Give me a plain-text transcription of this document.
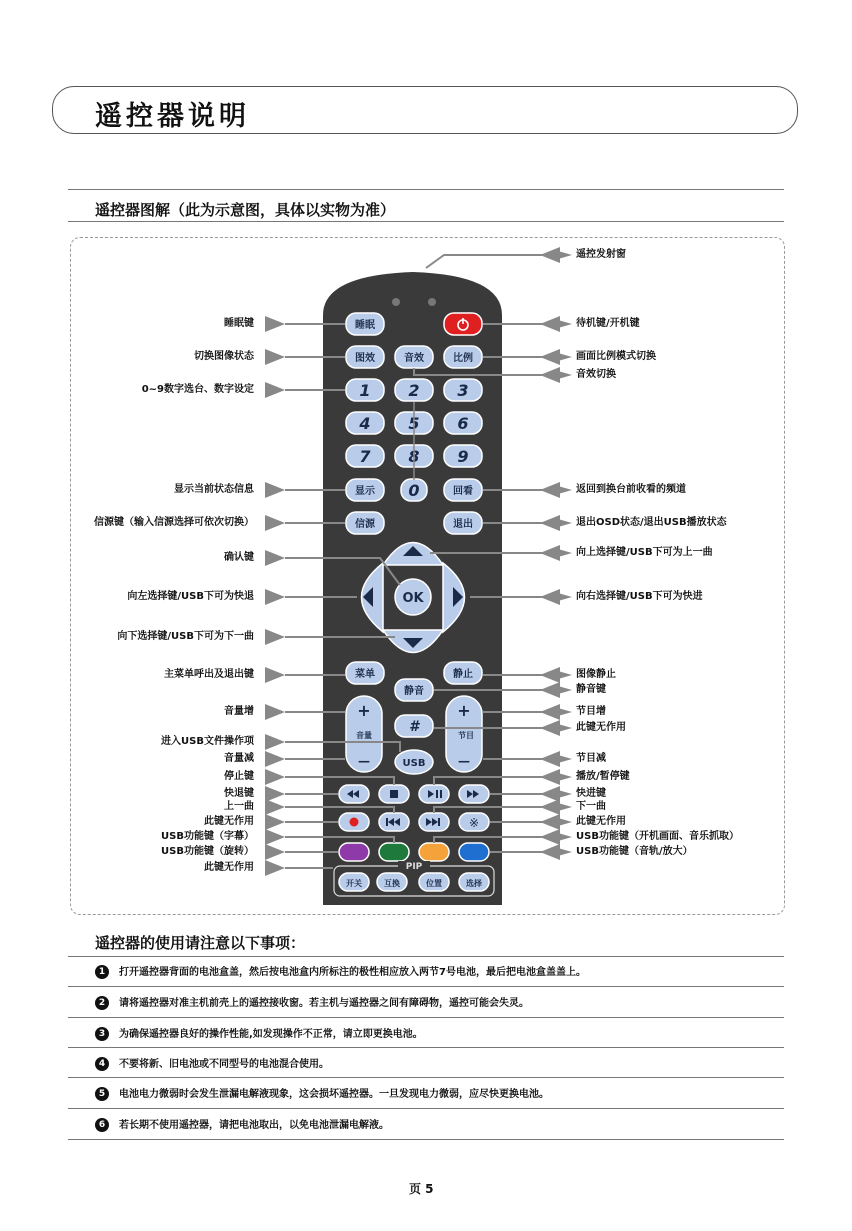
遥控器说明
遥控器图解（此为示意图，具体以实物为准）
睡眠
图效	音效	比例
1 2 3
4 5 6
7 8 9
显示 0	回看
信源	退出
OK
菜单	静止
静音
+
音量
—
+
节目
—
#
USB
开关	互换	位置	选择
PIP
※
睡眠键
切换图像状态
0~9数字选台、数字设定
显示当前状态信息
信源键（输入信源选择可依次切换）
确认键
向左选择键/USB下可为快退
向下选择键/USB下可为下一曲
主菜单呼出及退出键
音量增
进入USB文件操作项
音量减
停止键
快退键
上一曲
此键无作用
USB功能键（字幕）
USB功能键（旋转）
此键无作用
遥控发射窗
待机键/开机键
画面比例模式切换
音效切换
返回到换台前收看的频道
退出OSD状态/退出USB播放状态
向上选择键/USB下可为上一曲
向右选择键/USB下可为快进
图像静止
静音键
节目增
此键无作用
节目减
播放/暂停键
快进键
下一曲
此键无作用
USB功能键（开机画面、音乐抓取）
USB功能键（音轨/放大）
遥控器的使用请注意以下事项：
1 打开遥控器背面的电池盒盖，然后按电池盒内所标注的极性相应放入两节7号电池，最后把电池盒盖盖上。
2 请将遥控器对准主机前壳上的遥控接收窗。若主机与遥控器之间有障碍物，遥控可能会失灵。
3 为确保遥控器良好的操作性能,如发现操作不正常，请立即更换电池。
4 不要将新、旧电池或不同型号的电池混合使用。
5 电池电力微弱时会发生泄漏电解液现象，这会损坏遥控器。一旦发现电力微弱，应尽快更换电池。
6 若长期不使用遥控器，请把电池取出，以免电池泄漏电解液。
页 5
